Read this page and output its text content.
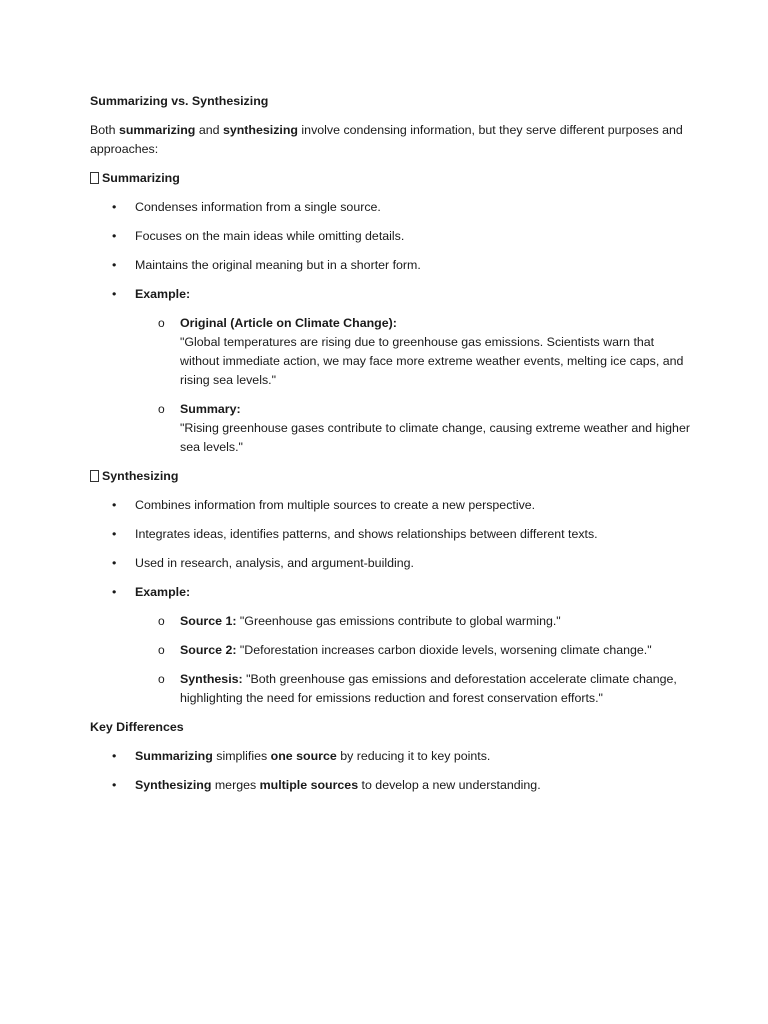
Summarizing vs. Synthesizing

Both summarizing and synthesizing involve condensing information, but they serve different purposes and approaches:

Summarizing

• Condenses information from a single source.
• Focuses on the main ideas while omitting details.
• Maintains the original meaning but in a shorter form.
• Example:
o Original (Article on Climate Change):
"Global temperatures are rising due to greenhouse gas emissions. Scientists warn that without immediate action, we may face more extreme weather events, melting ice caps, and rising sea levels."
o Summary:
"Rising greenhouse gases contribute to climate change, causing extreme weather and higher sea levels."

Synthesizing

• Combines information from multiple sources to create a new perspective.
• Integrates ideas, identifies patterns, and shows relationships between different texts.
• Used in research, analysis, and argument-building.
• Example:
o Source 1: "Greenhouse gas emissions contribute to global warming."
o Source 2: "Deforestation increases carbon dioxide levels, worsening climate change."
o Synthesis: "Both greenhouse gas emissions and deforestation accelerate climate change, highlighting the need for emissions reduction and forest conservation efforts."

Key Differences

• Summarizing simplifies one source by reducing it to key points.
• Synthesizing merges multiple sources to develop a new understanding.
